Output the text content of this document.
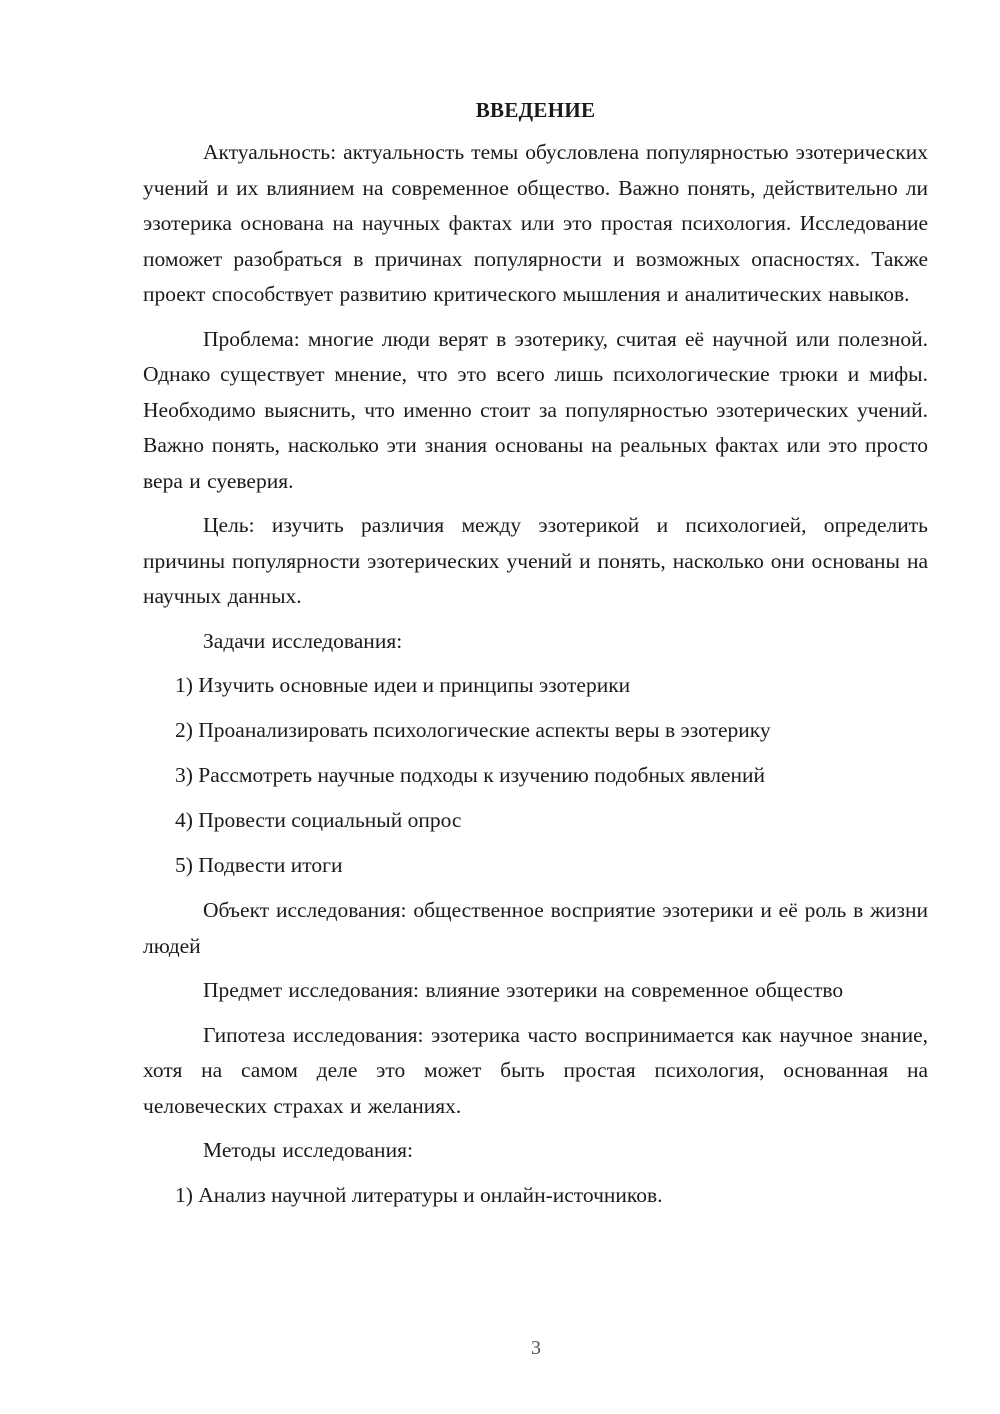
ВВЕДЕНИЕ

Актуальность: актуальность темы обусловлена популярностью эзотерических учений и их влиянием на современное общество. Важно понять, действительно ли эзотерика основана на научных фактах или это простая психология. Исследование поможет разобраться в причинах популярности и возможных опасностях. Также проект способствует развитию критического мышления и аналитических навыков.

Проблема: многие люди верят в эзотерику, считая её научной или полезной. Однако существует мнение, что это всего лишь психологические трюки и мифы. Необходимо выяснить, что именно стоит за популярностью эзотерических учений. Важно понять, насколько эти знания основаны на реальных фактах или это просто вера и суеверия.

Цель: изучить различия между эзотерикой и психологией, определить причины популярности эзотерических учений и понять, насколько они основаны на научных данных.

Задачи исследования:

1) Изучить основные идеи и принципы эзотерики
2) Проанализировать психологические аспекты веры в эзотерику
3) Рассмотреть научные подходы к изучению подобных явлений
4) Провести социальный опрос
5) Подвести итоги

Объект исследования: общественное восприятие эзотерики и её роль в жизни людей

Предмет исследования: влияние эзотерики на современное общество

Гипотеза исследования: эзотерика часто воспринимается как научное знание, хотя на самом деле это может быть простая психология, основанная на человеческих страхах и желаниях.

Методы исследования:

1) Анализ научной литературы и онлайн-источников.
3
